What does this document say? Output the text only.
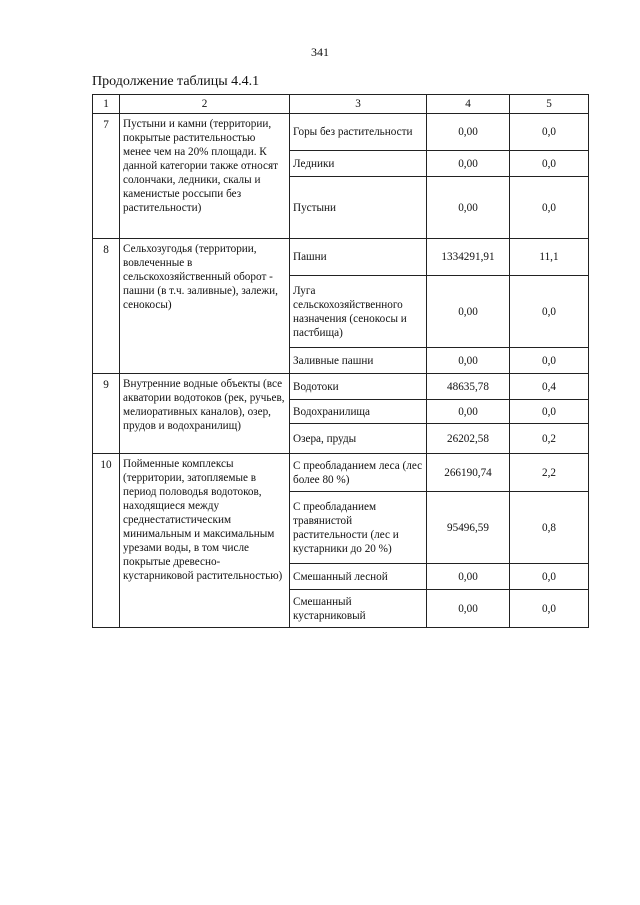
341
Продолжение таблицы 4.4.1
1	2	3	4	5
7	Пустыни и камни (территории, покрытые растительностью менее чем на 20% площади. К данной категории также относят солончаки, ледники, скалы и каменистые россыпи без растительности)	Горы без растительности	0,00	0,0
		Ледники	0,00	0,0
		Пустыни	0,00	0,0
8	Сельхозугодья (территории, вовлеченные в сельскохозяйственный оборот - пашни (в т.ч. заливные), залежи, сенокосы)	Пашни	1334291,91	11,1
		Луга сельскохозяйственного назначения (сенокосы и пастбища)	0,00	0,0
		Заливные пашни	0,00	0,0
9	Внутренние водные объекты (все акватории водотоков (рек, ручьев, мелиоративных каналов), озер, прудов и водохранилищ)	Водотоки	48635,78	0,4
		Водохранилища	0,00	0,0
		Озера, пруды	26202,58	0,2
10	Пойменные комплексы (территории, затопляемые в период половодья водотоков, находящиеся между среднестатистическим минимальным и максимальным урезами воды, в том числе покрытые древесно-кустарниковой растительностью)	С преобладанием леса (лес более 80 %)	266190,74	2,2
		С преобладанием травянистой растительности (лес и кустарники до 20 %)	95496,59	0,8
		Смешанный лесной	0,00	0,0
		Смешанный кустарниковый	0,00	0,0
